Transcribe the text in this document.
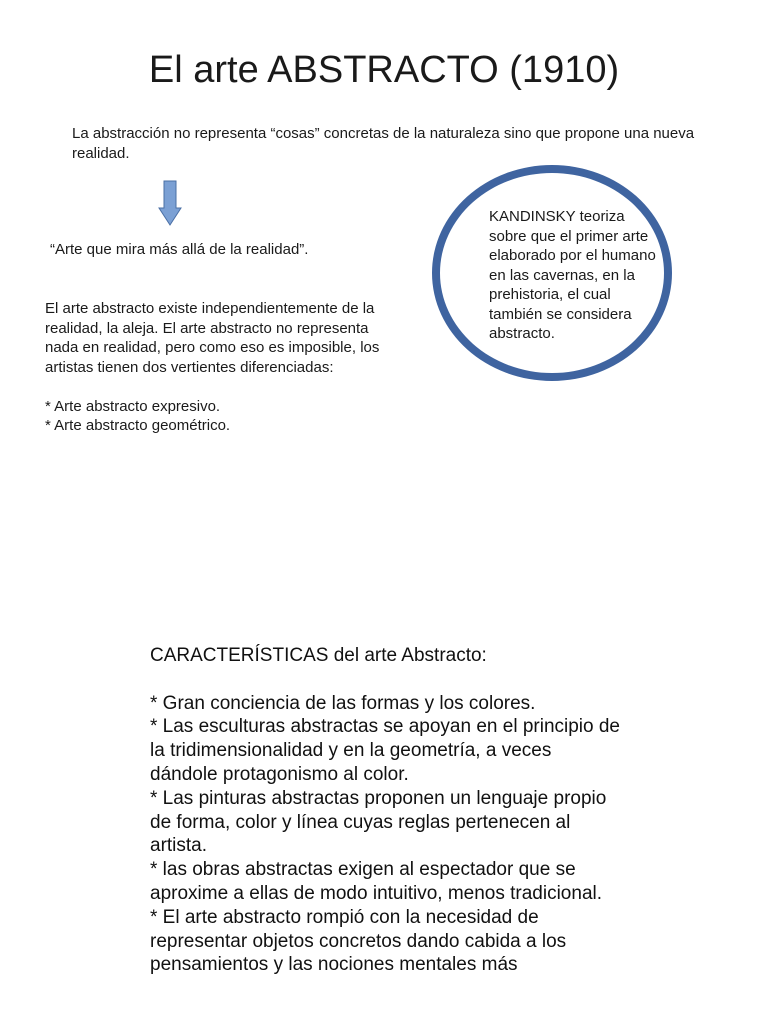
El arte ABSTRACTO (1910)

La abstracción no representa “cosas” concretas de la naturaleza sino que propone una nueva realidad.

“Arte que mira más allá de la realidad”.

El arte abstracto existe independientemente de la realidad, la aleja. El arte abstracto no representa nada en realidad, pero como eso es imposible, los artistas tienen dos vertientes diferenciadas:

* Arte abstracto expresivo.
* Arte abstracto geométrico.

KANDINSKY teoriza sobre que el primer arte elaborado por el humano en las cavernas, en la prehistoria, el cual también se considera abstracto.

CARACTERÍSTICAS del arte Abstracto:
* Gran conciencia de las formas y los colores.
* Las esculturas abstractas se apoyan en el principio de la tridimensionalidad y en la geometría, a veces dándole protagonismo al color.
* Las pinturas abstractas proponen un lenguaje propio de forma, color y línea cuyas reglas pertenecen al artista.
* las obras abstractas exigen al espectador que se aproxime a ellas de modo intuitivo, menos tradicional.
* El arte abstracto rompió con la necesidad de representar objetos concretos dando cabida a los pensamientos y las nociones mentales más
